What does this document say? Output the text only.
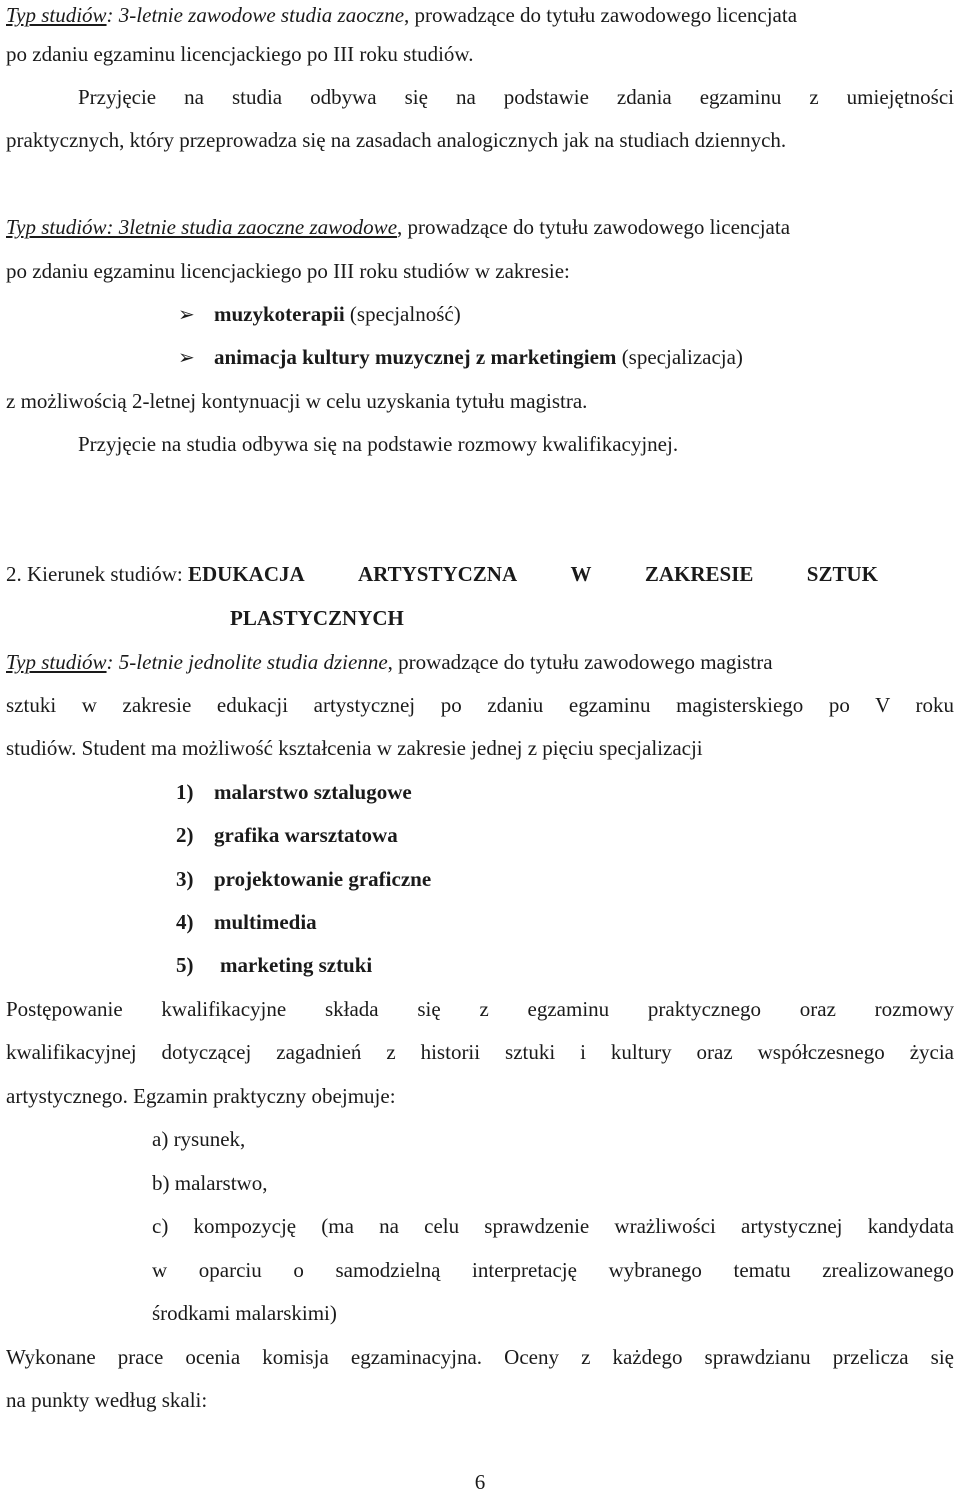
Typ studiów: 3-letnie zawodowe studia zaoczne, prowadzące do tytułu zawodowego licencjata
po zdaniu egzaminu licencjackiego po III roku studiów.
Przyjęcie na studia odbywa się na podstawie zdania egzaminu z umiejętności
praktycznych, który przeprowadza się na zasadach analogicznych jak na studiach dziennych.
Typ studiów: 3letnie studia zaoczne zawodowe, prowadzące do tytułu zawodowego licencjata
po zdaniu egzaminu licencjackiego po III roku studiów w zakresie:
➢ muzykoterapii (specjalność)
➢ animacja kultury muzycznej z marketingiem (specjalizacja)
z możliwością 2-letnej kontynuacji w celu uzyskania tytułu magistra.
Przyjęcie na studia odbywa się na podstawie rozmowy kwalifikacyjnej.
2. Kierunek studiów: EDUKACJA	ARTYSTYCZNA	W	ZAKRESIE	SZTUK
PLASTYCZNYCH
Typ studiów: 5-letnie jednolite studia dzienne, prowadzące do tytułu zawodowego magistra
sztuki w zakresie edukacji artystycznej po zdaniu egzaminu magisterskiego po V roku
studiów. Student ma możliwość kształcenia w zakresie jednej z pięciu specjalizacji
1) malarstwo sztalugowe
2) grafika warsztatowa
3) projektowanie graficzne
4) multimedia
5) marketing sztuki
Postępowanie kwalifikacyjne składa się z egzaminu praktycznego oraz rozmowy
kwalifikacyjnej dotyczącej zagadnień z historii sztuki i kultury oraz współczesnego życia
artystycznego. Egzamin praktyczny obejmuje:
a) rysunek,
b) malarstwo,
c) kompozycję (ma na celu sprawdzenie wrażliwości artystycznej kandydata
w oparciu o samodzielną interpretację wybranego tematu zrealizowanego
środkami malarskimi)
Wykonane prace ocenia komisja egzaminacyjna. Oceny z każdego sprawdzianu przelicza się
na punkty według skali:
6
